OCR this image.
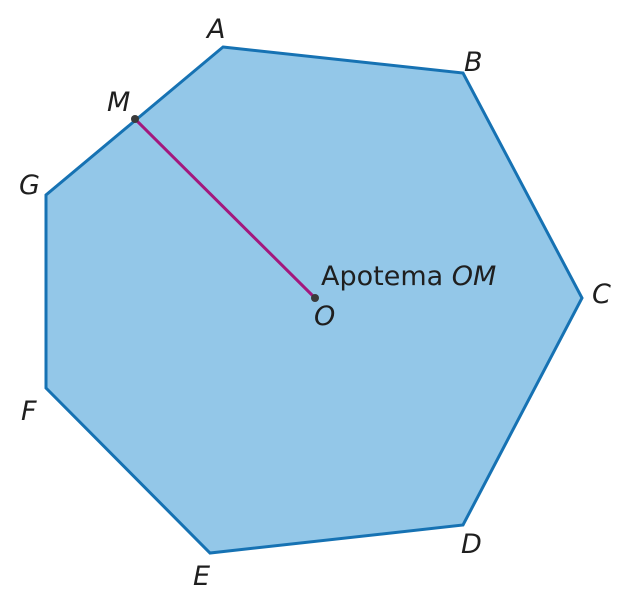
A
B
C
D
E
F
G
M
O
Apotema OM
